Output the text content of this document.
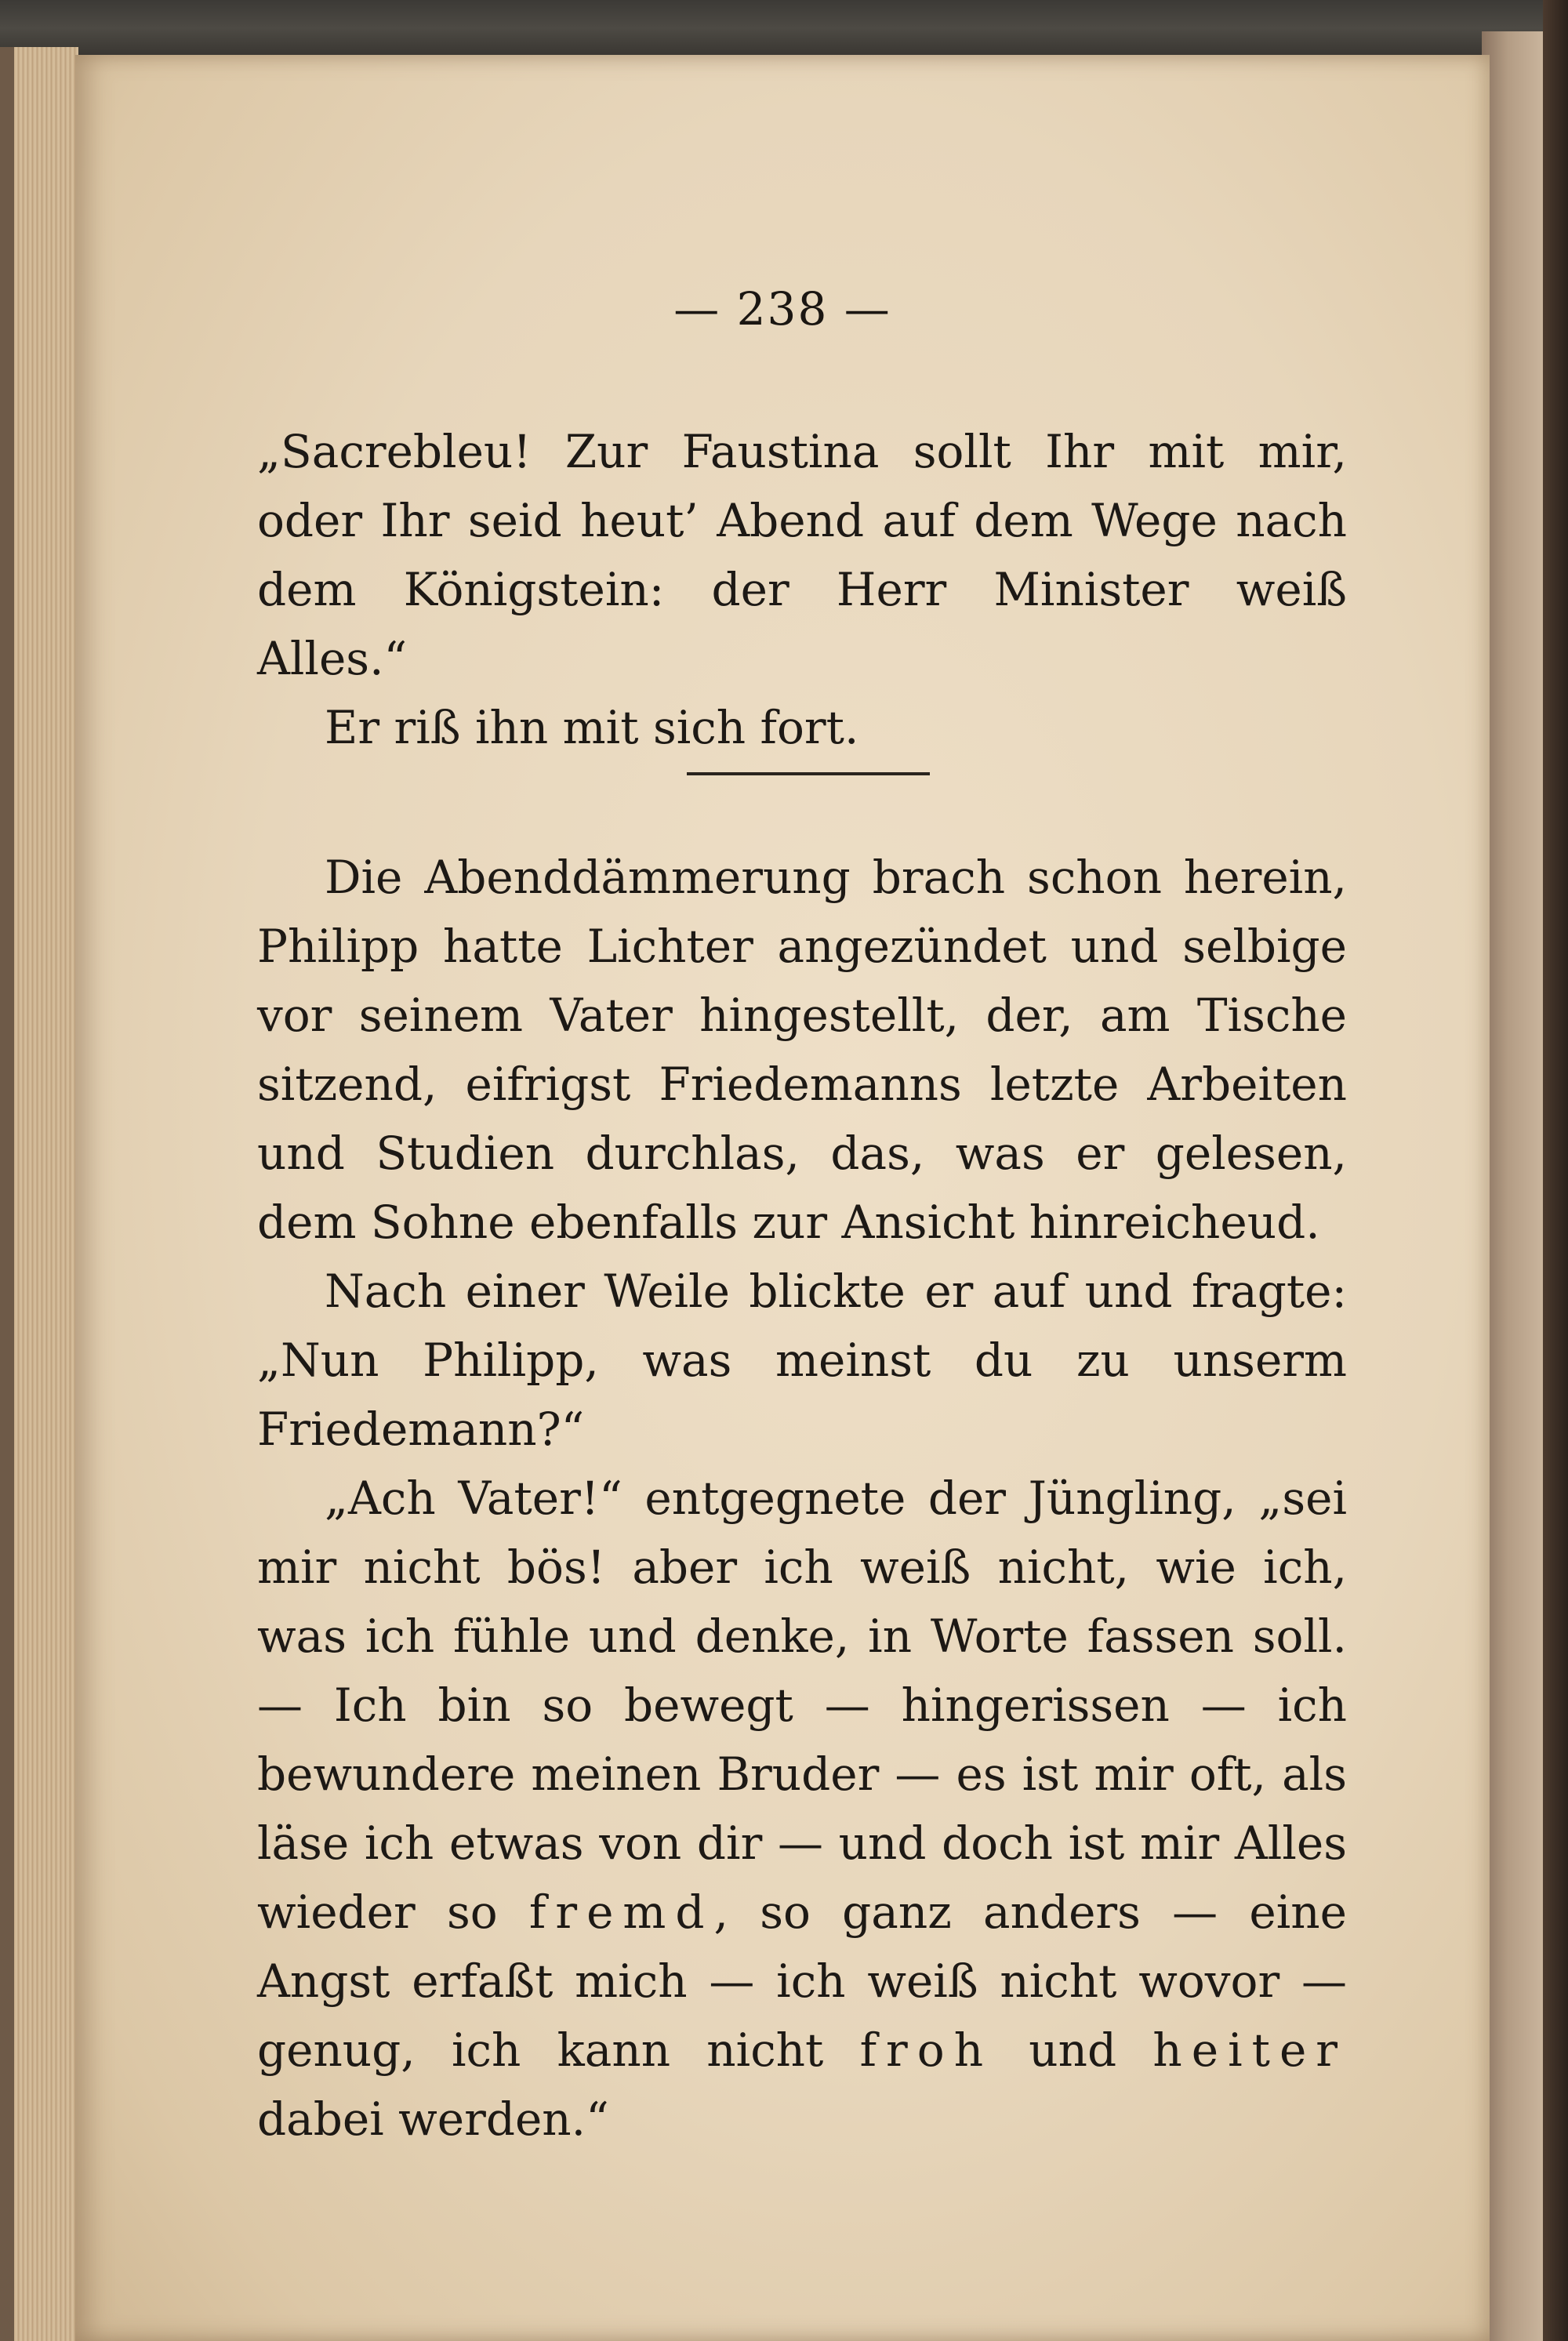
— 238 —

„Sacrebleu! Zur Faustina sollt Ihr mit mir, oder Ihr seid heut’ Abend auf dem Wege nach dem Königstein: der Herr Minister weiß Alles.“

Er riß ihn mit sich fort.

Die Abenddämmerung brach schon herein, Philipp hatte Lichter angezündet und selbige vor seinem Vater hingestellt, der, am Tische sitzend, eifrigst Friedemanns letzte Arbeiten und Studien durchlas, das, was er gelesen, dem Sohne ebenfalls zur Ansicht hinreicheud.

Nach einer Weile blickte er auf und fragte: „Nun Philipp, was meinst du zu unserm Friedemann?“

„Ach Vater!“ entgegnete der Jüngling, „sei mir nicht bös! aber ich weiß nicht, wie ich, was ich fühle und denke, in Worte fassen soll. — Ich bin so bewegt — hingerissen — ich bewundere meinen Bruder — es ist mir oft, als läse ich etwas von dir — und doch ist mir Alles wieder so fremd, so ganz anders — eine Angst erfaßt mich — ich weiß nicht wovor — genug, ich kann nicht froh und heiter dabei werden.“
